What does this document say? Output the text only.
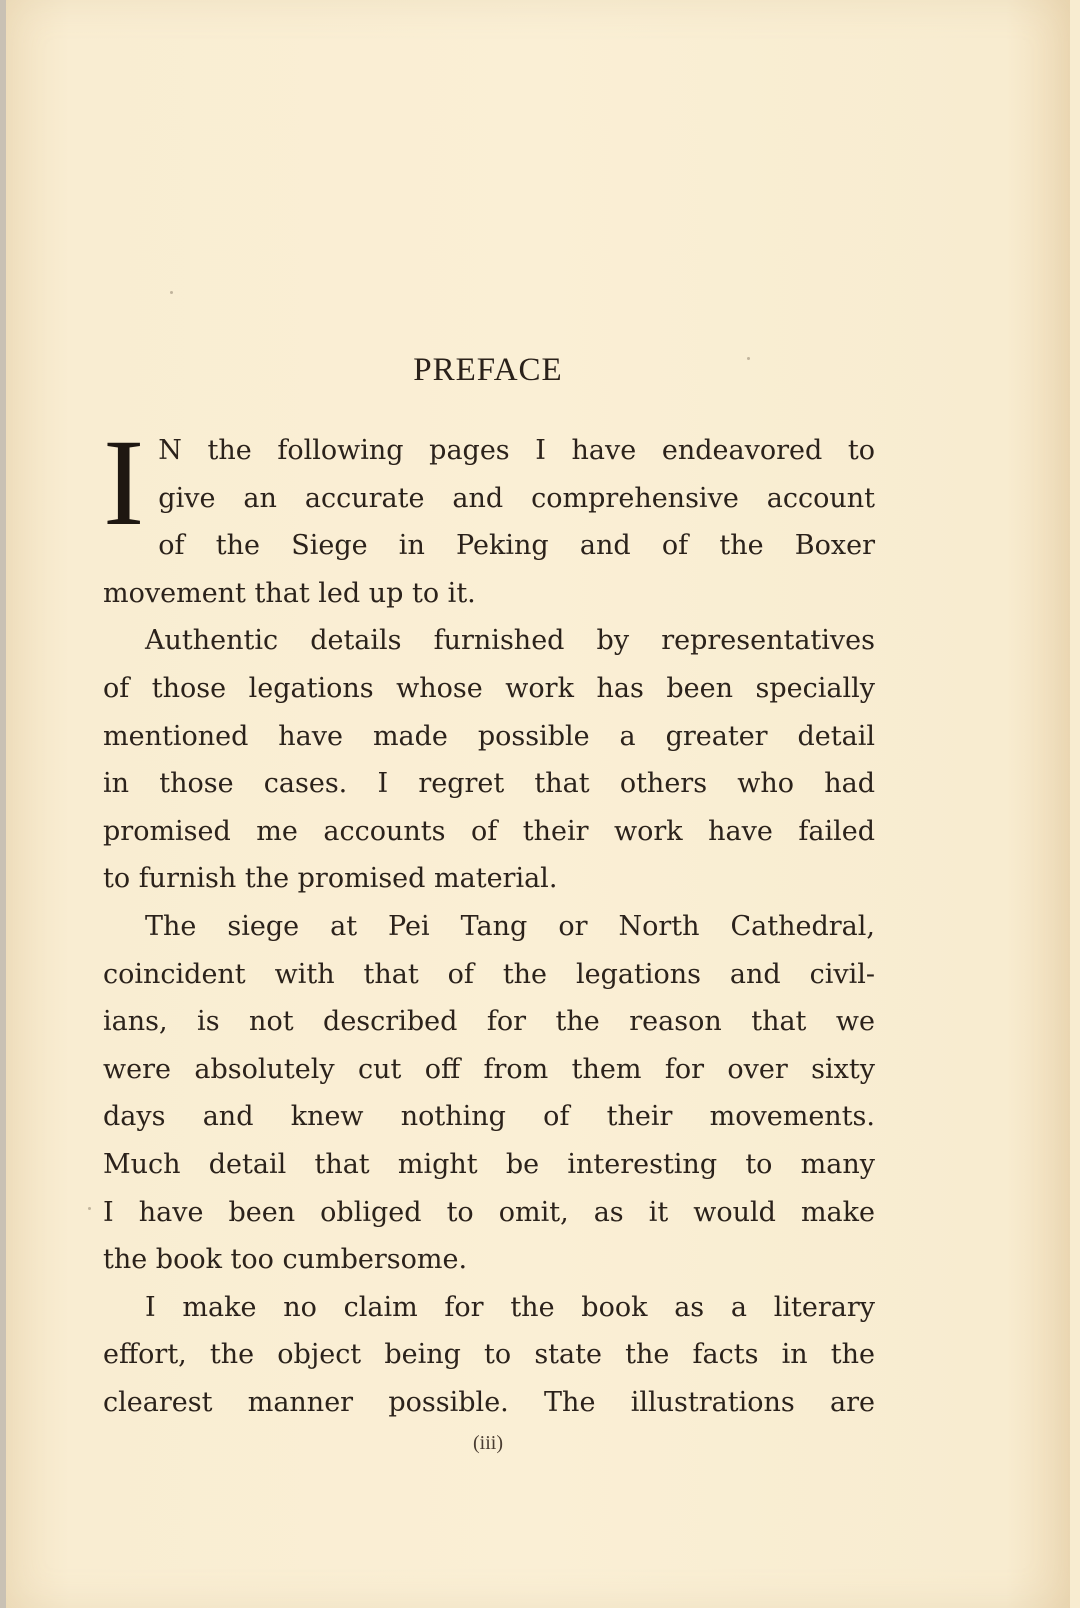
PREFACE

I N the following pages I have endeavored to
give an accurate and comprehensive account
of the Siege in Peking and of the Boxer
movement that led up to it.

Authentic details furnished by representatives
of those legations whose work has been specially
mentioned have made possible a greater detail
in those cases. I regret that others who had
promised me accounts of their work have failed
to furnish the promised material.

The siege at Pei Tang or North Cathedral,
coincident with that of the legations and civil-
ians, is not described for the reason that we
were absolutely cut off from them for over sixty
days and knew nothing of their movements.
Much detail that might be interesting to many
I have been obliged to omit, as it would make
the book too cumbersome.

I make no claim for the book as a literary
effort, the object being to state the facts in the
clearest manner possible. The illustrations are

(iii)
